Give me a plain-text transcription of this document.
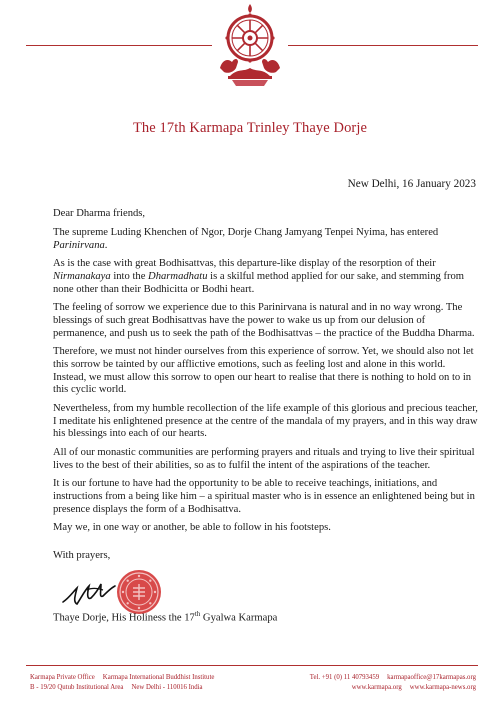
The 17th Karmapa Trinley Thaye Dorje
New Delhi, 16 January 2023

Dear Dharma friends,

The supreme Luding Khenchen of Ngor, Dorje Chang Jamyang Tenpei Nyima, has entered Parinirvana.

As is the case with great Bodhisattvas, this departure-like display of the resorption of their Nirmanakaya into the Dharmadhatu is a skilful method applied for our sake, and stemming from none other than their Bodhicitta or Bodhi heart.

The feeling of sorrow we experience due to this Parinirvana is natural and in no way wrong. The blessings of such great Bodhisattvas have the power to wake us up from our delusion of permanence, and push us to seek the path of the Bodhisattvas – the practice of the Buddha Dharma.

Therefore, we must not hinder ourselves from this experience of sorrow. Yet, we should also not let this sorrow be tainted by our afflictive emotions, such as feeling lost and alone in this world. Instead, we must allow this sorrow to open our heart to realise that there is nothing to hold on to in this cyclic world.

Nevertheless, from my humble recollection of the life example of this glorious and precious teacher, I meditate his enlightened presence at the centre of the mandala of my prayers, and in this way draw his blessings into each of our hearts.

All of our monastic communities are performing prayers and rituals and trying to live their spiritual lives to the best of their abilities, so as to fulfil the intent of the aspirations of the teacher.

It is our fortune to have had the opportunity to be able to receive teachings, initiations, and instructions from a being like him – a spiritual master who is in essence an enlightened being but in presence displays the form of a Bodhisattva.

May we, in one way or another, be able to follow in his footsteps.

With prayers,
Thaye Dorje, His Holiness the 17th Gyalwa Karmapa
Karmapa Private Office Karmapa International Buddhist Institute
B - 19/20 Qutub Institutional Area New Delhi - 110016 India
Tel. +91 (0) 11 40793459 karmapaoffice@17karmapas.org
www.karmapa.org www.karmapa-news.org
